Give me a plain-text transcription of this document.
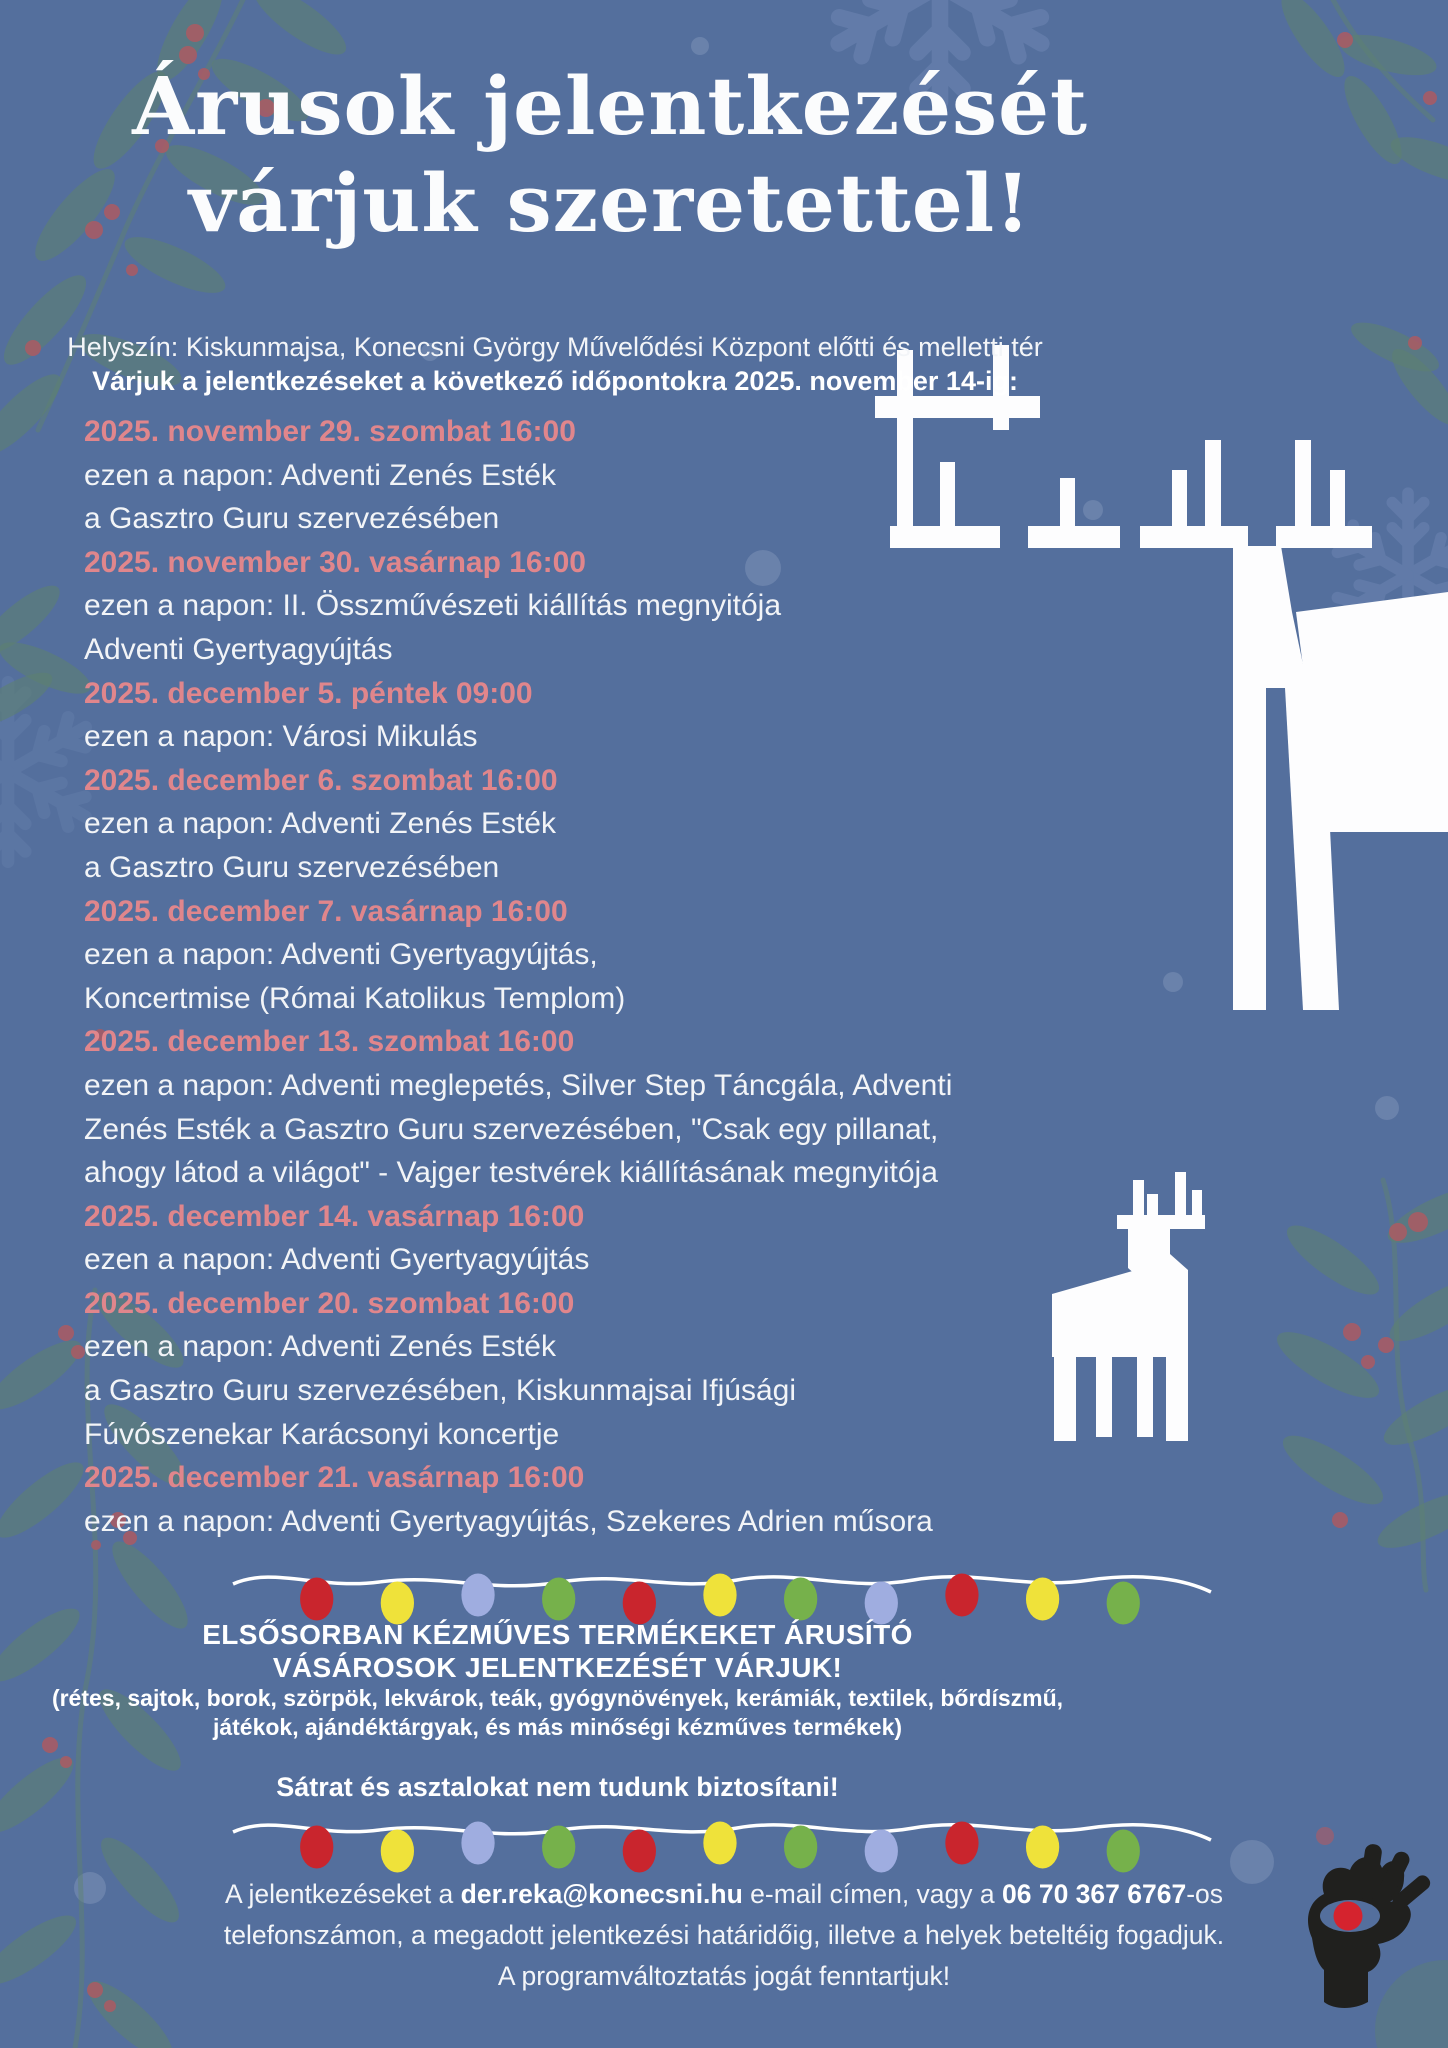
Árusok jelentkezését
várjuk szeretettel!
Helyszín: Kiskunmajsa, Konecsni György Művelődési Központ előtti és melletti tér
Várjuk a jelentkezéseket a következő időpontokra 2025. november 14-ig:
2025. november 29. szombat 16:00
ezen a napon: Adventi Zenés Esték
a Gasztro Guru szervezésében
2025. november 30. vasárnap 16:00
ezen a napon: II. Összművészeti kiállítás megnyitója
Adventi Gyertyagyújtás
2025. december 5. péntek 09:00
ezen a napon: Városi Mikulás
2025. december 6. szombat 16:00
ezen a napon: Adventi Zenés Esték
a Gasztro Guru szervezésében
2025. december 7. vasárnap 16:00
ezen a napon: Adventi Gyertyagyújtás,
Koncertmise (Római Katolikus Templom)
2025. december 13. szombat 16:00
ezen a napon: Adventi meglepetés, Silver Step Táncgála, Adventi
Zenés Esték a Gasztro Guru szervezésében, "Csak egy pillanat,
ahogy látod a világot" - Vajger testvérek kiállításának megnyitója
2025. december 14. vasárnap 16:00
ezen a napon: Adventi Gyertyagyújtás
2025. december 20. szombat 16:00
ezen a napon: Adventi Zenés Esték
a Gasztro Guru szervezésében, Kiskunmajsai Ifjúsági
Fúvószenekar Karácsonyi koncertje
2025. december 21. vasárnap 16:00
ezen a napon: Adventi Gyertyagyújtás, Szekeres Adrien műsora
ELSŐSORBAN KÉZMŰVES TERMÉKEKET ÁRUSÍTÓ
VÁSÁROSOK JELENTKEZÉSÉT VÁRJUK!
(rétes, sajtok, borok, szörpök, lekvárok, teák, gyógynövények, kerámiák, textilek, bőrdíszmű,
játékok, ajándéktárgyak, és más minőségi kézműves termékek)
Sátrat és asztalokat nem tudunk biztosítani!
A jelentkezéseket a der.reka@konecsni.hu e-mail címen, vagy a 06 70 367 6767-os
telefonszámon, a megadott jelentkezési határidőig, illetve a helyek beteltéig fogadjuk.
A programváltoztatás jogát fenntartjuk!
